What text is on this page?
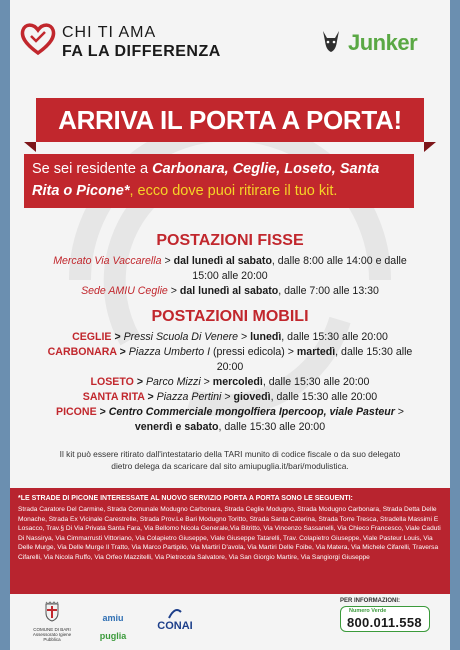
CHI TI AMA
FA LA DIFFERENZA	Junker
ARRIVA IL PORTA A PORTA!
Se sei residente a Carbonara, Ceglie, Loseto, Santa Rita o Picone*, ecco dove puoi ritirare il tuo kit.
POSTAZIONI FISSE
Mercato Via Vaccarella > dal lunedì al sabato, dalle 8:00 alle 14:00 e dalle 15:00 alle 20:00
Sede AMIU Ceglie > dal lunedì al sabato, dalle 7:00 alle 13:30
POSTAZIONI MOBILI
CEGLIE > Pressi Scuola Di Venere > lunedì, dalle 15:30 alle 20:00
CARBONARA > Piazza Umberto I (pressi edicola) > martedì, dalle 15:30 alle 20:00
LOSETO > Parco Mizzi > mercoledì, dalle 15:30 alle 20:00
SANTA RITA > Piazza Pertini > giovedì, dalle 15:30 alle 20:00
PICONE > Centro Commerciale mongolfiera Ipercoop, viale Pasteur > venerdì e sabato, dalle 15:30 alle 20:00
Il kit può essere ritirato dall'intestatario della TARI munito di codice fiscale o da suo delegato dietro delega da scaricare dal sito amiupuglia.it/bari/modulistica.
*LE STRADE DI PICONE INTERESSATE AL NUOVO SERVIZIO PORTA A PORTA SONO LE SEGUENTI:
Strada Caratore Del Carmine, Strada Comunale Modugno Carbonara, Strada Ceglie Modugno, Strada Modugno Carbonara, Strada Detta Delle Monache, Strada Ex Vicinale Carestrelle, Strada Prov.Le Bari Modugno Toritto, Strada Santa Caterina, Strada Torre Tresca, Stradella Massimi E Losacco, Trav.§ Di Via Privata Santa Fara, Via Bellomo Nicola Generale,Via Bitritto, Via Vincenzo Sassanelli, Via Chieco Francesco, Viale Caduti Di Nassirya, Via Cimmarrusti Vittoriano, Via Colapietro Giuseppe, Viale Giuseppe Tatarelli, Trav. Colapietro Giuseppe, Viale Pasteur Louis, Via Delle Murge, Via Delle Murge Il Tratto, Via Marco Partipilo, Via Martiri D'avola, Via Martiri Delle Foibe, Via Matera, Via Michele Cifarelli, Traversa Cifarelli, Via Nicola Ruffo, Via Orfeo Mazzitelli, Via Pietrocola Salvatore, Via San Giorgio Martire, Via Sangiorgi Giuseppe
COMUNE DI BARI
Assessorato Igiene Pubblica
amiu
puglia
CONAI
PER INFORMAZIONI:
Numero Verde
800.011.558
